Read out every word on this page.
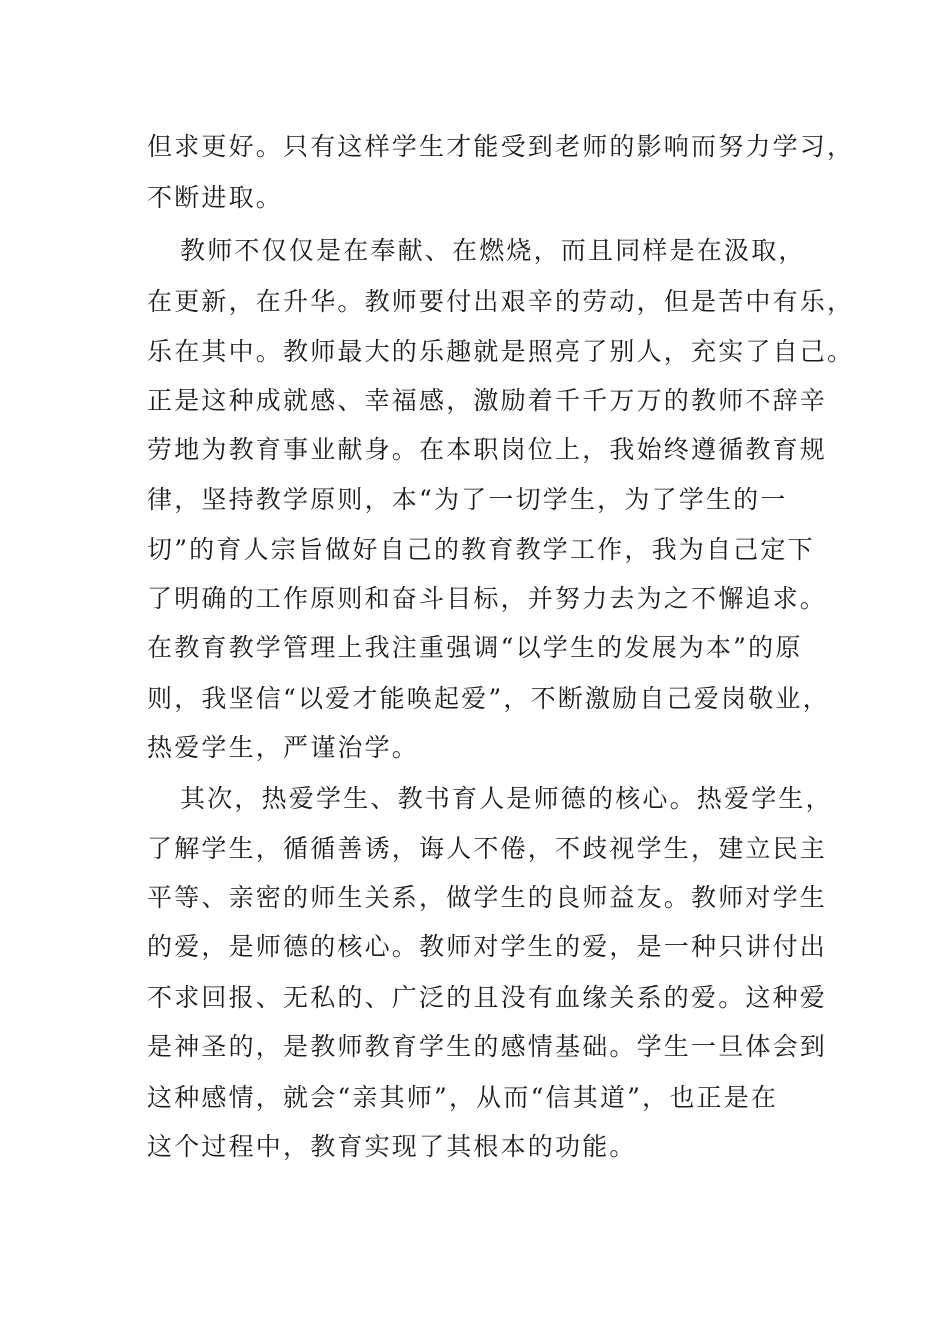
但求更好。只有这样学生才能受到老师的影响而努力学习，
不断进取。
教师不仅仅是在奉献、在燃烧，而且同样是在汲取，
在更新，在升华。教师要付出艰辛的劳动，但是苦中有乐，
乐在其中。教师最大的乐趣就是照亮了别人，充实了自己。
正是这种成就感、幸福感，激励着千千万万的教师不辞辛
劳地为教育事业献身。在本职岗位上，我始终遵循教育规
律，坚持教学原则，本“为了一切学生，为了学生的一
切”的育人宗旨做好自己的教育教学工作，我为自己定下
了明确的工作原则和奋斗目标，并努力去为之不懈追求。
在教育教学管理上我注重强调“以学生的发展为本”的原
则，我坚信“以爱才能唤起爱”，不断激励自己爱岗敬业，
热爱学生，严谨治学。
其次，热爱学生、教书育人是师德的核心。热爱学生，
了解学生，循循善诱，诲人不倦，不歧视学生，建立民主
平等、亲密的师生关系，做学生的良师益友。教师对学生
的爱，是师德的核心。教师对学生的爱，是一种只讲付出
不求回报、无私的、广泛的且没有血缘关系的爱。这种爱
是神圣的，是教师教育学生的感情基础。学生一旦体会到
这种感情，就会“亲其师”，从而“信其道”，也正是在
这个过程中，教育实现了其根本的功能。
